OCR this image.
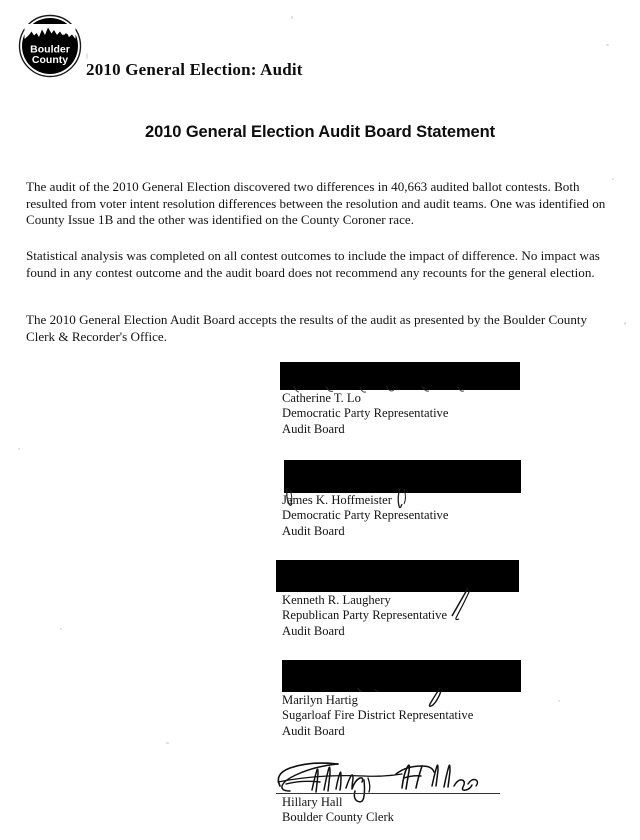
Boulder
County 2010 General Election: Audit
2010 General Election Audit Board Statement
The audit of the 2010 General Election discovered two differences in 40,663 audited ballot contests. Both resulted from voter intent resolution differences between the resolution and audit teams. One was identified on County Issue 1B and the other was identified on the County Coroner race.
Statistical analysis was completed on all contest outcomes to include the impact of difference. No impact was found in any contest outcome and the audit board does not recommend any recounts for the general election.
The 2010 General Election Audit Board accepts the results of the audit as presented by the Boulder County Clerk & Recorder's Office.
Catherine T. Lo
Democratic Party Representative
Audit Board
James K. Hoffmeister
Democratic Party Representative
Audit Board
Kenneth R. Laughery
Republican Party Representative
Audit Board
Marilyn Hartig
Sugarloaf Fire District Representative
Audit Board
Hillary Hall
Boulder County Clerk
